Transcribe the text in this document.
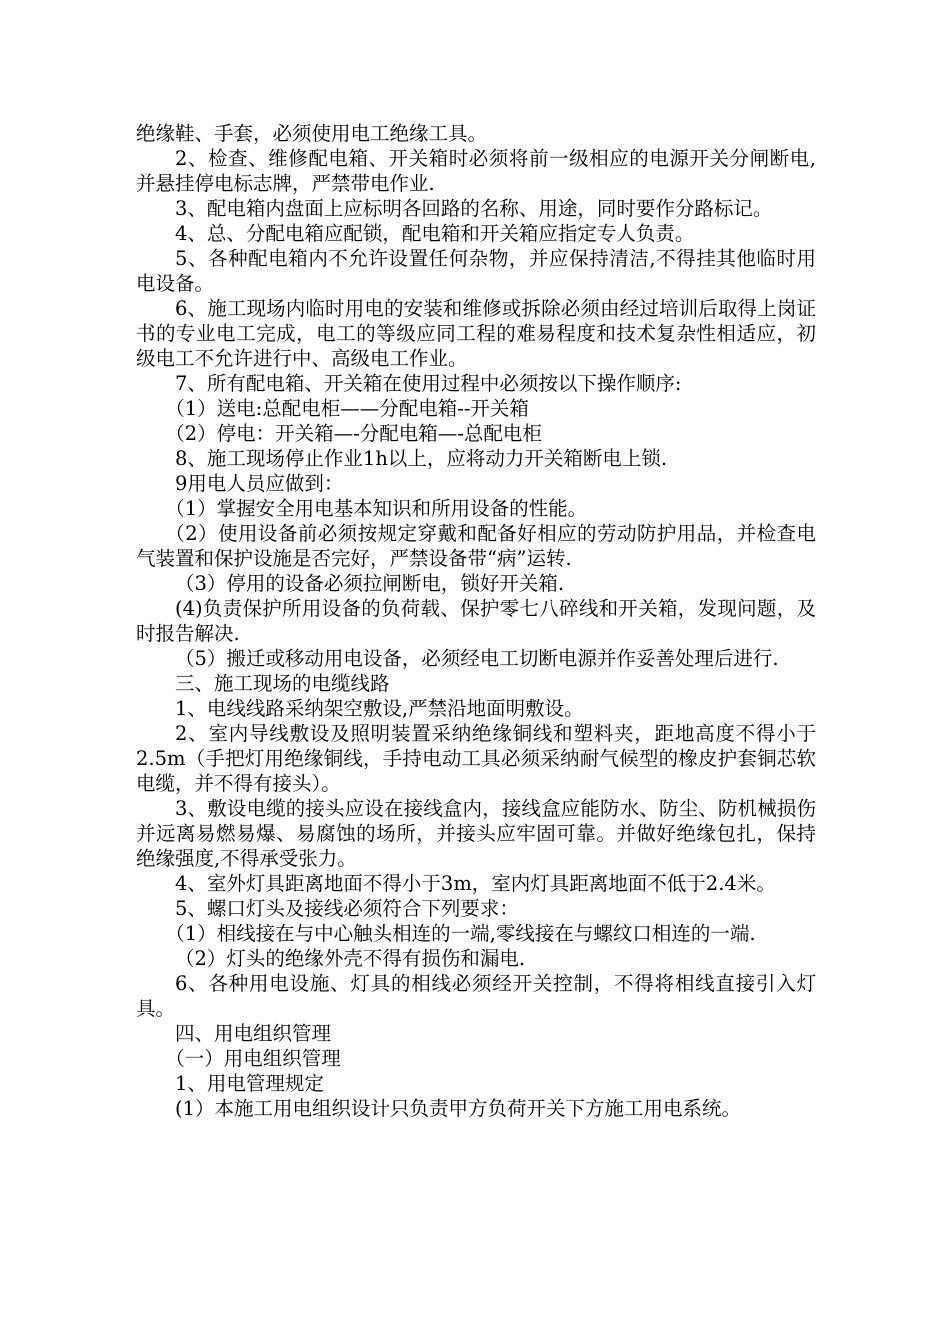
绝缘鞋、手套，必须使用电工绝缘工具。

2、检查、维修配电箱、开关箱时必须将前一级相应的电源开关分闸断电,并悬挂停电标志牌，严禁带电作业.

3、配电箱内盘面上应标明各回路的名称、用途，同时要作分路标记。

4、总、分配电箱应配锁，配电箱和开关箱应指定专人负责。

5、各种配电箱内不允许设置任何杂物，并应保持清洁,不得挂其他临时用电设备。

6、施工现场内临时用电的安装和维修或拆除必须由经过培训后取得上岗证书的专业电工完成，电工的等级应同工程的难易程度和技术复杂性相适应，初级电工不允许进行中、高级电工作业。

7、所有配电箱、开关箱在使用过程中必须按以下操作顺序:

（1）送电:总配电柜——分配电箱--开关箱

（2）停电：开关箱—-分配电箱—-总配电柜

8、施工现场停止作业1h以上，应将动力开关箱断电上锁.

9用电人员应做到：

（1）掌握安全用电基本知识和所用设备的性能。

（2）使用设备前必须按规定穿戴和配备好相应的劳动防护用品，并检查电气装置和保护设施是否完好，严禁设备带“病”运转.

（3）停用的设备必须拉闸断电，锁好开关箱.

(4)负责保护所用设备的负荷载、保护零七八碎线和开关箱，发现问题，及时报告解决.

（5）搬迁或移动用电设备，必须经电工切断电源并作妥善处理后进行.

三、施工现场的电缆线路

1、电线线路采纳架空敷设,严禁沿地面明敷设。

2、室内导线敷设及照明装置采纳绝缘铜线和塑料夹，距地高度不得小于2.5m（手把灯用绝缘铜线，手持电动工具必须采纳耐气候型的橡皮护套铜芯软电缆，并不得有接头）。

3、敷设电缆的接头应设在接线盒内，接线盒应能防水、防尘、防机械损伤并远离易燃易爆、易腐蚀的场所，并接头应牢固可靠。并做好绝缘包扎，保持绝缘强度,不得承受张力。

4、室外灯具距离地面不得小于3m，室内灯具距离地面不低于2.4米。

5、螺口灯头及接线必须符合下列要求：

（1）相线接在与中心触头相连的一端,零线接在与螺纹口相连的一端.

（2）灯头的绝缘外壳不得有损伤和漏电.

6、各种用电设施、灯具的相线必须经开关控制，不得将相线直接引入灯具。

四、用电组织管理

（一）用电组织管理

1、用电管理规定

(1）本施工用电组织设计只负责甲方负荷开关下方施工用电系统。
